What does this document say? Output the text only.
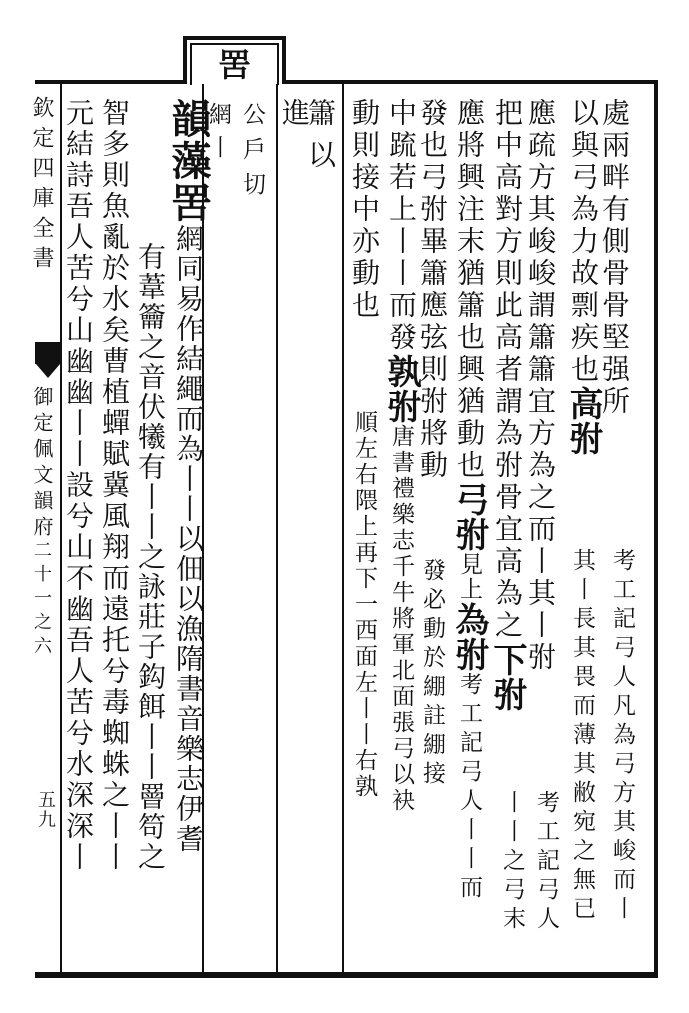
罟
欽定四庫全書
御定佩文韻府
二十一之六
五九
處兩畔有側骨骨堅强所
以與弓為力故剽疾也高弣
考工記弓人凡為弓方其峻而丨
其丨長其畏而薄其敝宛之無已
應疏方其峻峻謂簫簫宜方為之而丨其丨弣
把中高對方則此高者謂為弣骨宜高為之下弣
考工記弓人
丨丨之弓末
應將興注末猶簫也興猶動也弓弣見上為弣考工記弓人丨丨而
發也弓弣畢簫應弦則弣將動發必動於綳註綳接
中䟽若上丨丨而發孰弣唐書禮樂志千牛將軍北面張弓以袂
動則接中亦動也順左右隈上再下一西面左丨丨右孰
簫以
進
公戶切
網丨
韻藻罟網同易作結繩而為丨丨以佃以漁隋書音樂志伊耆
有葦籥之音伏犧有丨丨之詠莊子鈎餌丨丨罾笱之
智多則魚亂於水矣曹植蟬賦冀風翔而遠托兮毒蜘蛛之丨丨
元結詩吾人苦兮山幽幽丨丨設兮山不幽吾人苦兮水深深丨
